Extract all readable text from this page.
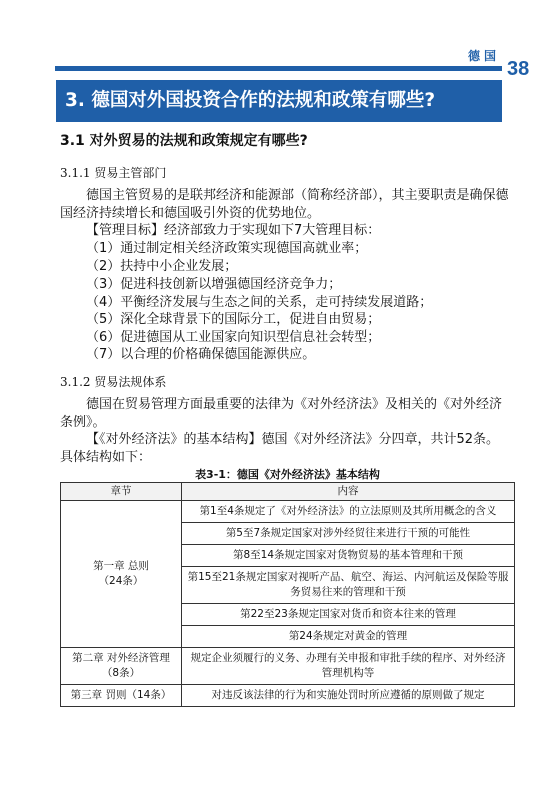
德国
38
3. 德国对外国投资合作的法规和政策有哪些?
3.1 对外贸易的法规和政策规定有哪些?
3.1.1 贸易主管部门

德国主管贸易的是联邦经济和能源部（简称经济部），其主要职责是确保德国经济持续增长和德国吸引外资的优势地位。

【管理目标】经济部致力于实现如下7大管理目标：

（1）通过制定相关经济政策实现德国高就业率；
（2）扶持中小企业发展；
（3）促进科技创新以增强德国经济竞争力；
（4）平衡经济发展与生态之间的关系，走可持续发展道路；
（5）深化全球背景下的国际分工，促进自由贸易；
（6）促进德国从工业国家向知识型信息社会转型；
（7）以合理的价格确保德国能源供应。
3.1.2 贸易法规体系

德国在贸易管理方面最重要的法律为《对外经济法》及相关的《对外经济条例》。

【《对外经济法》的基本结构】德国《对外经济法》分四章，共计52条。具体结构如下：

表3-1：德国《对外经济法》基本结构
章节	内容
第一章 总则
（24条）	第1至4条规定了《对外经济法》的立法原则及其所用概念的含义
	第5至7条规定国家对涉外经贸往来进行干预的可能性
	第8至14条规定国家对货物贸易的基本管理和干预
	第15至21条规定国家对视听产品、航空、海运、内河航运及保险等服务贸易往来的管理和干预
	第22至23条规定国家对货币和资本往来的管理
	第24条规定对黄金的管理
第二章 对外经济管理（8条）	规定企业须履行的义务、办理有关申报和审批手续的程序、对外经济管理机构等
第三章 罚则（14条）	对违反该法律的行为和实施处罚时所应遵循的原则做了规定
